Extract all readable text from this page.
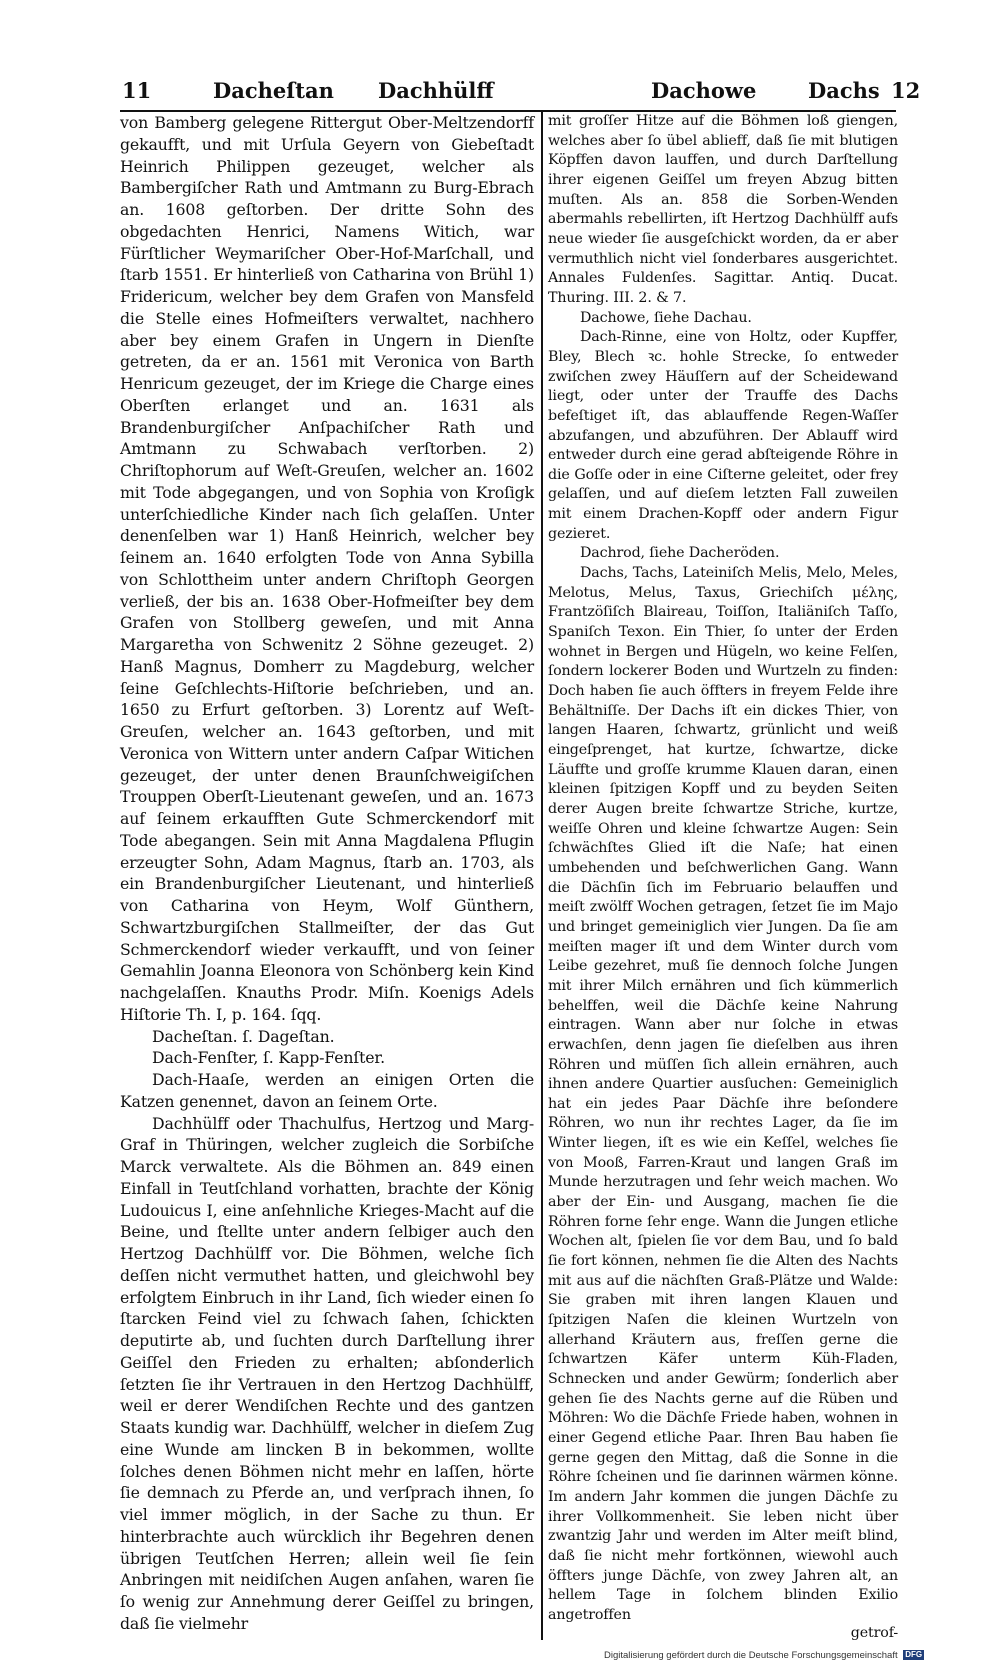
11	Dacheſtan Dachhülff	Dachowe Dachs 12

von Bamberg gelegene Rittergut Ober-Meltzendorff gekaufft, und mit Urſula Geyern von Giebeſtadt Heinrich Philippen gezeuget, welcher als Bambergiſcher Rath und Amtmann zu Burg-Ebrach an. 1608 geſtorben. Der dritte Sohn des obgedachten Henrici, Namens Witich, war Fürſtlicher Weymariſcher Ober-Hof-Marſchall, und ſtarb 1551. Er hinterließ von Catharina von Brühl 1) Fridericum, welcher bey dem Grafen von Mansfeld die Stelle eines Hofmeiſters verwaltet, nachhero aber bey einem Grafen in Ungern in Dienſte getreten, da er an. 1561 mit Veronica von Barth Henricum gezeuget, der im Kriege die Charge eines Oberſten erlanget und an. 1631 als Brandenburgiſcher Anſpachiſcher Rath und Amtmann zu Schwabach verſtorben. 2) Chriſtophorum auf Weſt-Greuſen, welcher an. 1602 mit Tode abgegangen, und von Sophia von Kroſigk unterſchiedliche Kinder nach ſich gelaſſen. Unter denenſelben war 1) Hanß Heinrich, welcher bey ſeinem an. 1640 erfolgten Tode von Anna Sybilla von Schlottheim unter andern Chriſtoph Georgen verließ, der bis an. 1638 Ober-Hofmeiſter bey dem Grafen von Stollberg geweſen, und mit Anna Margaretha von Schwenitz 2 Söhne gezeuget. 2) Hanß Magnus, Domherr zu Magdeburg, welcher ſeine Geſchlechts-Hiſtorie beſchrieben, und an. 1650 zu Erfurt geſtorben. 3) Lorentz auf Weſt-Greuſen, welcher an. 1643 geſtorben, und mit Veronica von Wittern unter andern Caſpar Witichen gezeuget, der unter denen Braunſchweigiſchen Trouppen Oberſt-Lieutenant geweſen, und an. 1673 auf ſeinem erkaufften Gute Schmerckendorf mit Tode abegangen. Sein mit Anna Magdalena Pflugin erzeugter Sohn, Adam Magnus, ſtarb an. 1703, als ein Brandenburgiſcher Lieutenant, und hinterließ von Catharina von Heym, Wolf Günthern, Schwartzburgiſchen Stallmeiſter, der das Gut Schmerckendorf wieder verkaufft, und von ſeiner Gemahlin Joanna Eleonora von Schönberg kein Kind nachgelaſſen. Knauths Prodr. Miſn. Koenigs Adels Hiſtorie Th. I, p. 164. ſqq.

Dacheſtan. ſ. Dageſtan.

Dach-Fenſter, ſ. Kapp-Fenſter.

Dach-Haaſe, werden an einigen Orten die Katzen genennet, davon an ſeinem Orte.

Dachhülff oder Thachulfus, Hertzog und Marg-Graf in Thüringen, welcher zugleich die Sorbiſche Marck verwaltete. Als die Böhmen an. 849 einen Einfall in Teutſchland vorhatten, brachte der König Ludouicus I, eine anſehnliche Krieges-Macht auf die Beine, und ſtellte unter andern ſelbiger auch den Hertzog Dachhülff vor. Die Böhmen, welche ſich deſſen nicht vermuthet hatten, und gleichwohl bey erfolgtem Einbruch in ihr Land, ſich wieder einen ſo ſtarcken Feind viel zu ſchwach ſahen, ſchickten deputirte ab, und ſuchten durch Darſtellung ihrer Geiſſel den Frieden zu erhalten; abſonderlich ſetzten ſie ihr Vertrauen in den Hertzog Dachhülff, weil er derer Wendiſchen Rechte und des gantzen Staats kundig war. Dachhülff, welcher in dieſem Zug eine Wunde am lincken B in bekommen, wollte ſolches denen Böhmen nicht mehr en laſſen, hörte ſie demnach zu Pferde an, und verſprach ihnen, ſo viel immer möglich, in der Sache zu thun. Er hinterbrachte auch würcklich ihr Begehren denen übrigen Teutſchen Herren; allein weil ſie ſein Anbringen mit neidiſchen Augen anſahen, waren ſie ſo wenig zur Annehmung derer Geiſſel zu bringen, daß ſie vielmehr

mit groſſer Hitze auf die Böhmen loß giengen, welches aber ſo übel ablieff, daß ſie mit blutigen Köpffen davon lauffen, und durch Darſtellung ihrer eigenen Geiſſel um freyen Abzug bitten muſten. Als an. 858 die Sorben-Wenden abermahls rebellirten, iſt Hertzog Dachhülff aufs neue wieder ſie ausgeſchickt worden, da er aber vermuthlich nicht viel ſonderbares ausgerichtet. Annales Fuldenſes. Sagittar. Antiq. Ducat. Thuring. III. 2. & 7.

Dachowe, ſiehe Dachau.

Dach-Rinne, eine von Holtz, oder Kupffer, Bley, Blech ꝛc. hohle Strecke, ſo entweder zwiſchen zwey Häuſſern auf der Scheidewand liegt, oder unter der Trauffe des Dachs befeſtiget iſt, das ablauffende Regen-Waſſer abzufangen, und abzuführen. Der Ablauff wird entweder durch eine gerad abſteigende Röhre in die Goſſe oder in eine Ciſterne geleitet, oder frey gelaſſen, und auf dieſem letzten Fall zuweilen mit einem Drachen-Kopff oder andern Figur gezieret.

Dachrod, ſiehe Dacheröden.

Dachs, Tachs, Lateiniſch Melis, Melo, Meles, Melotus, Melus, Taxus, Griechiſch μέλης, Frantzöſiſch Blaireau, Toiſſon, Italiäniſch Taſſo, Spaniſch Texon. Ein Thier, ſo unter der Erden wohnet in Bergen und Hügeln, wo keine Felſen, ſondern lockerer Boden und Wurtzeln zu finden: Doch haben ſie auch öffters in freyem Felde ihre Behältniſſe. Der Dachs iſt ein dickes Thier, von langen Haaren, ſchwartz, grünlicht und weiß eingeſprenget, hat kurtze, ſchwartze, dicke Läuffte und groſſe krumme Klauen daran, einen kleinen ſpitzigen Kopff und zu beyden Seiten derer Augen breite ſchwartze Striche, kurtze, weiſſe Ohren und kleine ſchwartze Augen: Sein ſchwächſtes Glied iſt die Naſe; hat einen umbehenden und beſchwerlichen Gang. Wann die Dächſin ſich im Februario belauffen und meiſt zwölff Wochen getragen, ſetzet ſie im Majo und bringet gemeiniglich vier Jungen. Da ſie am meiſten mager iſt und dem Winter durch vom Leibe gezehret, muß ſie dennoch ſolche Jungen mit ihrer Milch ernähren und ſich kümmerlich behelffen, weil die Dächſe keine Nahrung eintragen. Wann aber nur ſolche in etwas erwachſen, denn jagen ſie dieſelben aus ihren Röhren und müſſen ſich allein ernähren, auch ihnen andere Quartier ausſuchen: Gemeiniglich hat ein jedes Paar Dächſe ihre beſondere Röhren, wo nun ihr rechtes Lager, da ſie im Winter liegen, iſt es wie ein Keſſel, welches ſie von Mooß, Farren-Kraut und langen Graß im Munde herzutragen und ſehr weich machen. Wo aber der Ein- und Ausgang, machen ſie die Röhren forne ſehr enge. Wann die Jungen etliche Wochen alt, ſpielen ſie vor dem Bau, und ſo bald ſie fort können, nehmen ſie die Alten des Nachts mit aus auf die nächſten Graß-Plätze und Walde: Sie graben mit ihren langen Klauen und ſpitzigen Naſen die kleinen Wurtzeln von allerhand Kräutern aus, freſſen gerne die ſchwartzen Käfer unterm Küh-Fladen, Schnecken und ander Gewürm; ſonderlich aber gehen ſie des Nachts gerne auf die Rüben und Möhren: Wo die Dächſe Friede haben, wohnen in einer Gegend etliche Paar. Ihren Bau haben ſie gerne gegen den Mittag, daß die Sonne in die Röhre ſcheinen und ſie darinnen wärmen könne. Im andern Jahr kommen die jungen Dächſe zu ihrer Vollkommenheit. Sie leben nicht über zwantzig Jahr und werden im Alter meiſt blind, daß ſie nicht mehr fortkönnen, wiewohl auch öffters junge Dächſe, von zwey Jahren alt, an hellem Tage in ſolchem blinden Exilio angetroffen

getrof-
Digitalisierung gefördert durch die Deutsche Forschungsgemeinschaft DFG
